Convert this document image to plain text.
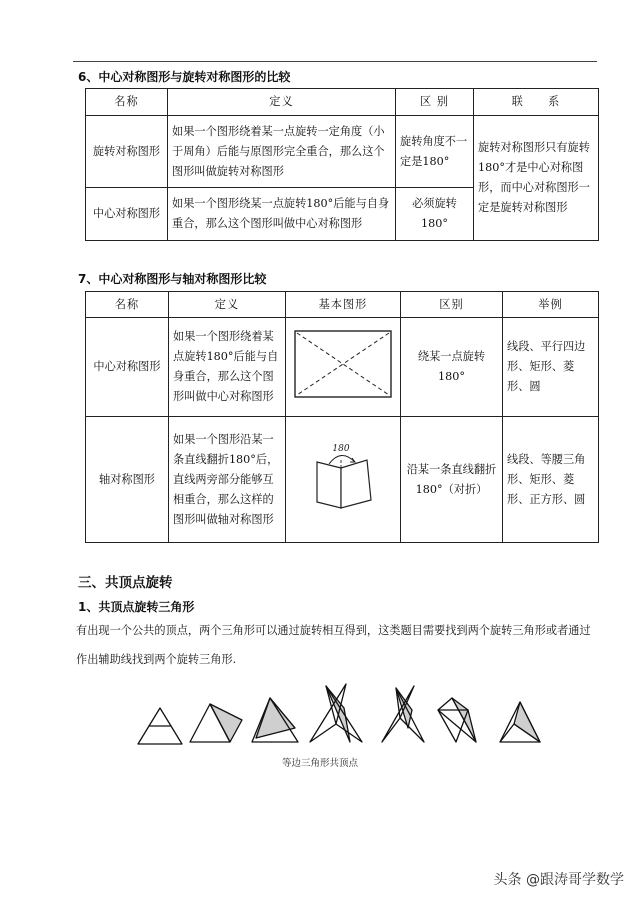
6、中心对称图形与旋转对称图形的比较
名称	定义	区 别	联　　系
旋转对称图形	如果一个图形绕着某一点旋转一定角度（小于周角）后能与原图形完全重合，那么这个图形叫做旋转对称图形	旋转角度不一定是180°	旋转对称图形只有旋转180°才是中心对称图形，而中心对称图形一定是旋转对称图形
中心对称图形	如果一个图形绕某一点旋转180°后能与自身重合，那么这个图形叫做中心对称图形	必须旋转180°	
7、中心对称图形与轴对称图形比较
名称	定义	基本图形	区别	举例
中心对称图形	如果一个图形绕着某点旋转180°后能与自身重合，那么这个图形叫做中心对称图形		绕某一点旋转180°	线段、平行四边形、矩形、菱形、圆
轴对称图形	如果一个图形沿某一条直线翻折180°后，直线两旁部分能够互相重合，那么这样的图形叫做轴对称图形	180	沿某一条直线翻折180°（对折）	线段、等腰三角形、矩形、菱形、正方形、圆
三、共顶点旋转
1、共顶点旋转三角形
有出现一个公共的顶点，两个三角形可以通过旋转相互得到，这类题目需要找到两个旋转三角形或者通过作出辅助线找到两个旋转三角形.
等边三角形共顶点
头条 @跟涛哥学数学
